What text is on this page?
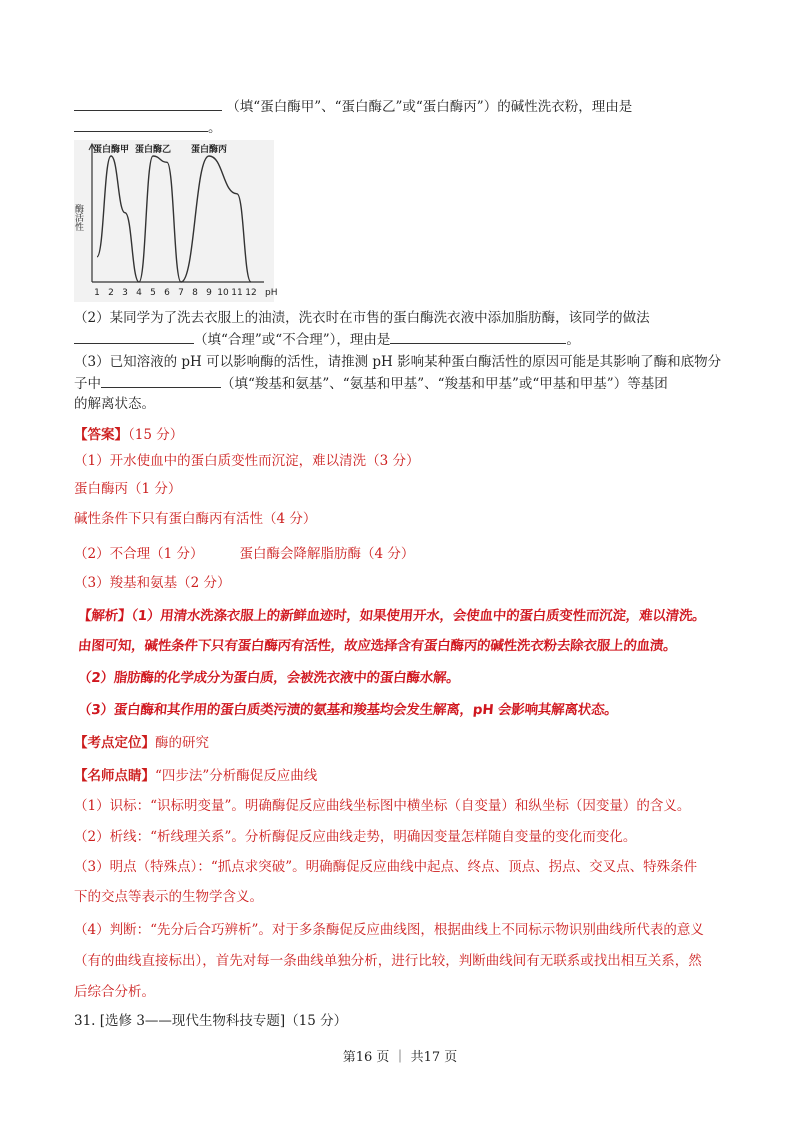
（填“蛋白酶甲”、“蛋白酶乙”或“蛋白酶丙”）的碱性洗衣粉，理由是
。
1 2 3 4 5 6 7 8 9 10 11 12 pH
酶活性
蛋白酶甲 蛋白酶乙 蛋白酶丙
（2）某同学为了洗去衣服上的油渍，洗衣时在市售的蛋白酶洗衣液中添加脂肪酶，该同学的做法
（填“合理”或“不合理”），理由是	。
（3）已知溶液的 pH 可以影响酶的活性，请推测 pH 影响某种蛋白酶活性的原因可能是其影响了酶和底物分
子中	（填“羧基和氨基”、“氨基和甲基”、“羧基和甲基”或“甲基和甲基”）等基团
的解离状态。
【答案】（15 分）
（1）开水使血中的蛋白质变性而沉淀，难以清洗（3 分）
蛋白酶丙（1 分）
碱性条件下只有蛋白酶丙有活性（4 分）
（2）不合理（1 分）	蛋白酶会降解脂肪酶（4 分）
（3）羧基和氨基（2 分）
【解析】（1）用清水洗涤衣服上的新鲜血迹时，如果使用开水，会使血中的蛋白质变性而沉淀，难以清洗。
由图可知，碱性条件下只有蛋白酶丙有活性，故应选择含有蛋白酶丙的碱性洗衣粉去除衣服上的血渍。
（2）脂肪酶的化学成分为蛋白质，会被洗衣液中的蛋白酶水解。
（3）蛋白酶和其作用的蛋白质类污渍的氨基和羧基均会发生解离，pH 会影响其解离状态。
【考点定位】酶的研究
【名师点睛】“四步法”分析酶促反应曲线
（1）识标：“识标明变量”。明确酶促反应曲线坐标图中横坐标（自变量）和纵坐标（因变量）的含义。
（2）析线：“析线理关系”。分析酶促反应曲线走势，明确因变量怎样随自变量的变化而变化。
（3）明点（特殊点）：“抓点求突破”。明确酶促反应曲线中起点、终点、顶点、拐点、交叉点、特殊条件
下的交点等表示的生物学含义。
（4）判断：“先分后合巧辨析”。对于多条酶促反应曲线图，根据曲线上不同标示物识别曲线所代表的意义
（有的曲线直接标出），首先对每一条曲线单独分析，进行比较，判断曲线间有无联系或找出相互关系，然
后综合分析。
31. [选修 3——现代生物科技专题]（15 分）
第16 页 ｜ 共17 页
